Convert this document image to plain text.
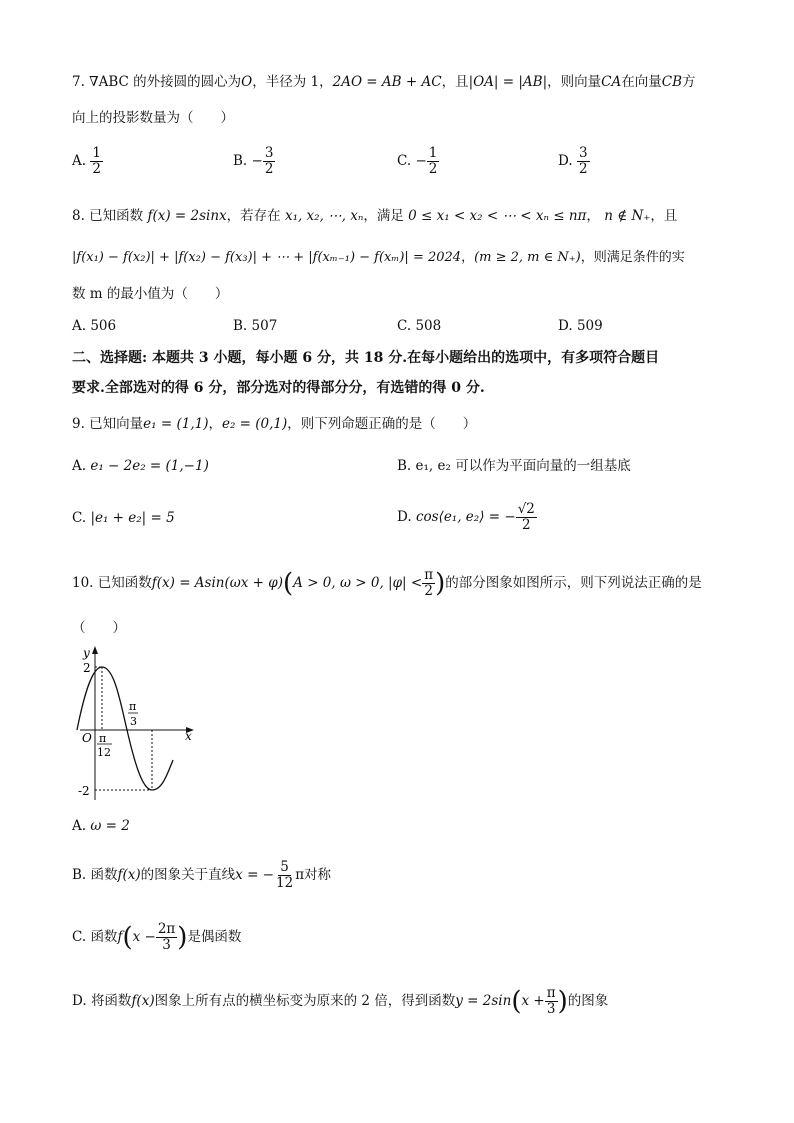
7. ∇ABC 的外接圆的圆心为O，半径为 1，2AO = AB + AC，且|OA| = |AB|，则向量CA在向量CB方
向上的投影数量为（　　）
A. $\frac{1}{2}$	B. − $\frac{3}{2}$	C. − $\frac{1}{2}$	D. $\frac{3}{2}$
8. 已知函数 f(x) = 2sinx，若存在 x₁, x₂, ⋯, xₙ，满足 0 ≤ x₁ < x₂ < ⋯ < xₙ ≤ nπ， n ∉ N₊，且
|f(x₁) − f(x₂)| + |f(x₂) − f(x₃)| + ⋯ + |f(xₘ₋₁) − f(xₘ)| = 2024，(m ≥ 2, m ∈ N₊)，则满足条件的实
数 m 的最小值为（　　）
A. 506	B. 507	C. 508	D. 509
二、选择题: 本题共 3 小题，每小题 6 分，共 18 分.在每小题给出的选项中，有多项符合题目
要求.全部选对的得 6 分，部分选对的得部分分，有选错的得 0 分.
9. 已知向量e₁ = (1,1)，e₂ = (0,1)，则下列命题正确的是（　　）
A. e₁ − 2e₂ = (1,−1)	B. e₁, e₂ 可以作为平面向量的一组基底
C. |e₁ + e₂| = 5	D. cos⟨e₁, e₂⟩ = − $\frac{√2}{2}$
10. 已知函数f(x) = Asin(ωx + φ)(A > 0, ω > 0, $|\varphi| < \frac{\pi}{2}$ )的部分图象如图所示，则下列说法正确的是
（　　）
y
x
2
-2
O π
12
π
3
A. ω = 2
B. 函数f(x)的图象关于直线x = − $\frac{5}{12}$ π对称
C. 函数$f(x - \frac{2\pi}{3}$ )是偶函数
D. 将函数f(x)图象上所有点的横坐标变为原来的 2 倍，得到函数$y = 2\sin(x + \frac{\pi}{3}$ )的图象
